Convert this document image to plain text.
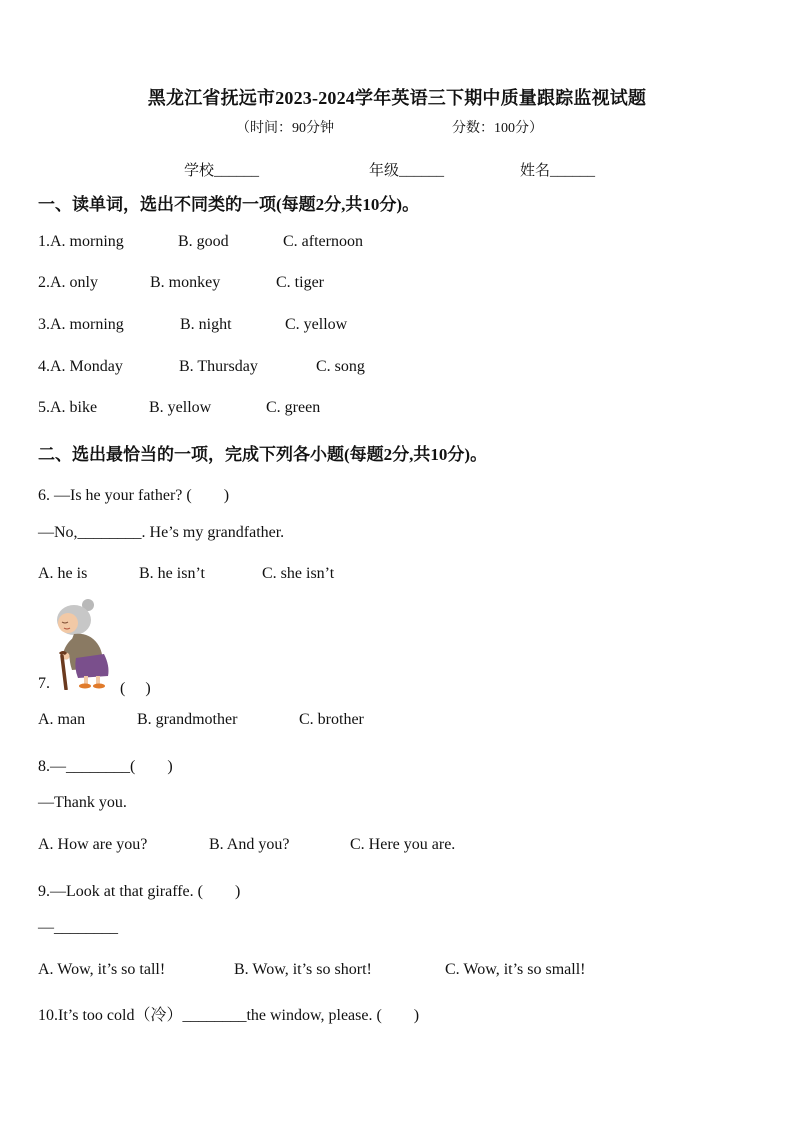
黑龙江省抚远市2023-2024学年英语三下期中质量跟踪监视试题
（时间：90分钟	分数：100分）
学校______	年级______	姓名______
一、读单词，选出不同类的一项(每题2分,共10分)。
1.A. morning	B. good	C. afternoon
2.A. only	B. monkey	C. tiger
3.A. morning	B. night	C. yellow
4.A. Monday	B. Thursday	C. song
5.A. bike	B. yellow	C. green
二、选出最恰当的一项，完成下列各小题(每题2分,共10分)。
6. —Is he your father? (　　)
—No,________. He’s my grandfather.
A. he is	B. he isn’t	C. she isn’t
7.	(　 )
A. man	B. grandmother	C. brother
8.—________(　　)
—Thank you.
A. How are you?	B. And you?	C. Here you are.
9.—Look at that giraffe. (　　)
—________
A. Wow, it’s so tall!	B. Wow, it’s so short!	C. Wow, it’s so small!
10.It’s too cold（冷）________the window, please. (　　)
